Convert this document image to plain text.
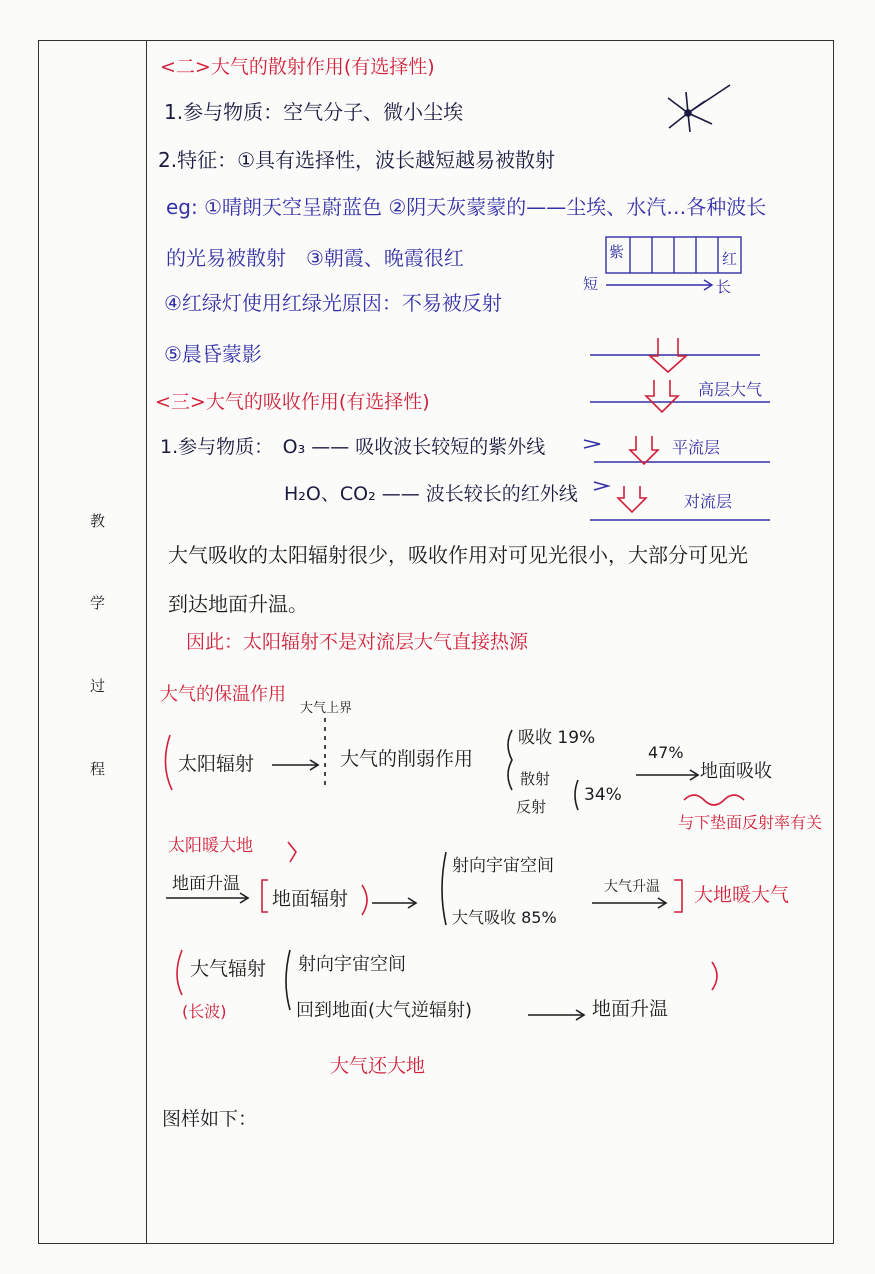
教
学
过
程
<二>大气的散射作用(有选择性)
1.参与物质：空气分子、微小尘埃
2.特征：①具有选择性，波长越短越易被散射
eg: ①晴朗天空呈蔚蓝色 ②阴天灰蒙蒙的——尘埃、水汽…各种波长
的光易被散射　③朝霞、晚霞很红
④红绿灯使用红绿光原因：不易被反射
⑤晨昏蒙影
紫	红
短	长
<三>大气的吸收作用(有选择性)
1.参与物质：　O₃ —— 吸收波长较短的紫外线
H₂O、CO₂ —— 波长较长的红外线
高层大气
平流层
对流层
大气吸收的太阳辐射很少，吸收作用对可见光很小，大部分可见光
到达地面升温。
因此：太阳辐射不是对流层大气直接热源
大气的保温作用
大气上界
太阳辐射	大气的削弱作用
吸收 19%
散射
反射
34%
47%
地面吸收
与下垫面反射率有关
太阳暖大地
地面升温
地面辐射
射向宇宙空间
大气吸收 85%
大气升温 大地暖大气
大气辐射
(长波)
射向宇宙空间
回到地面(大气逆辐射)	地面升温
大气还大地
图样如下：
